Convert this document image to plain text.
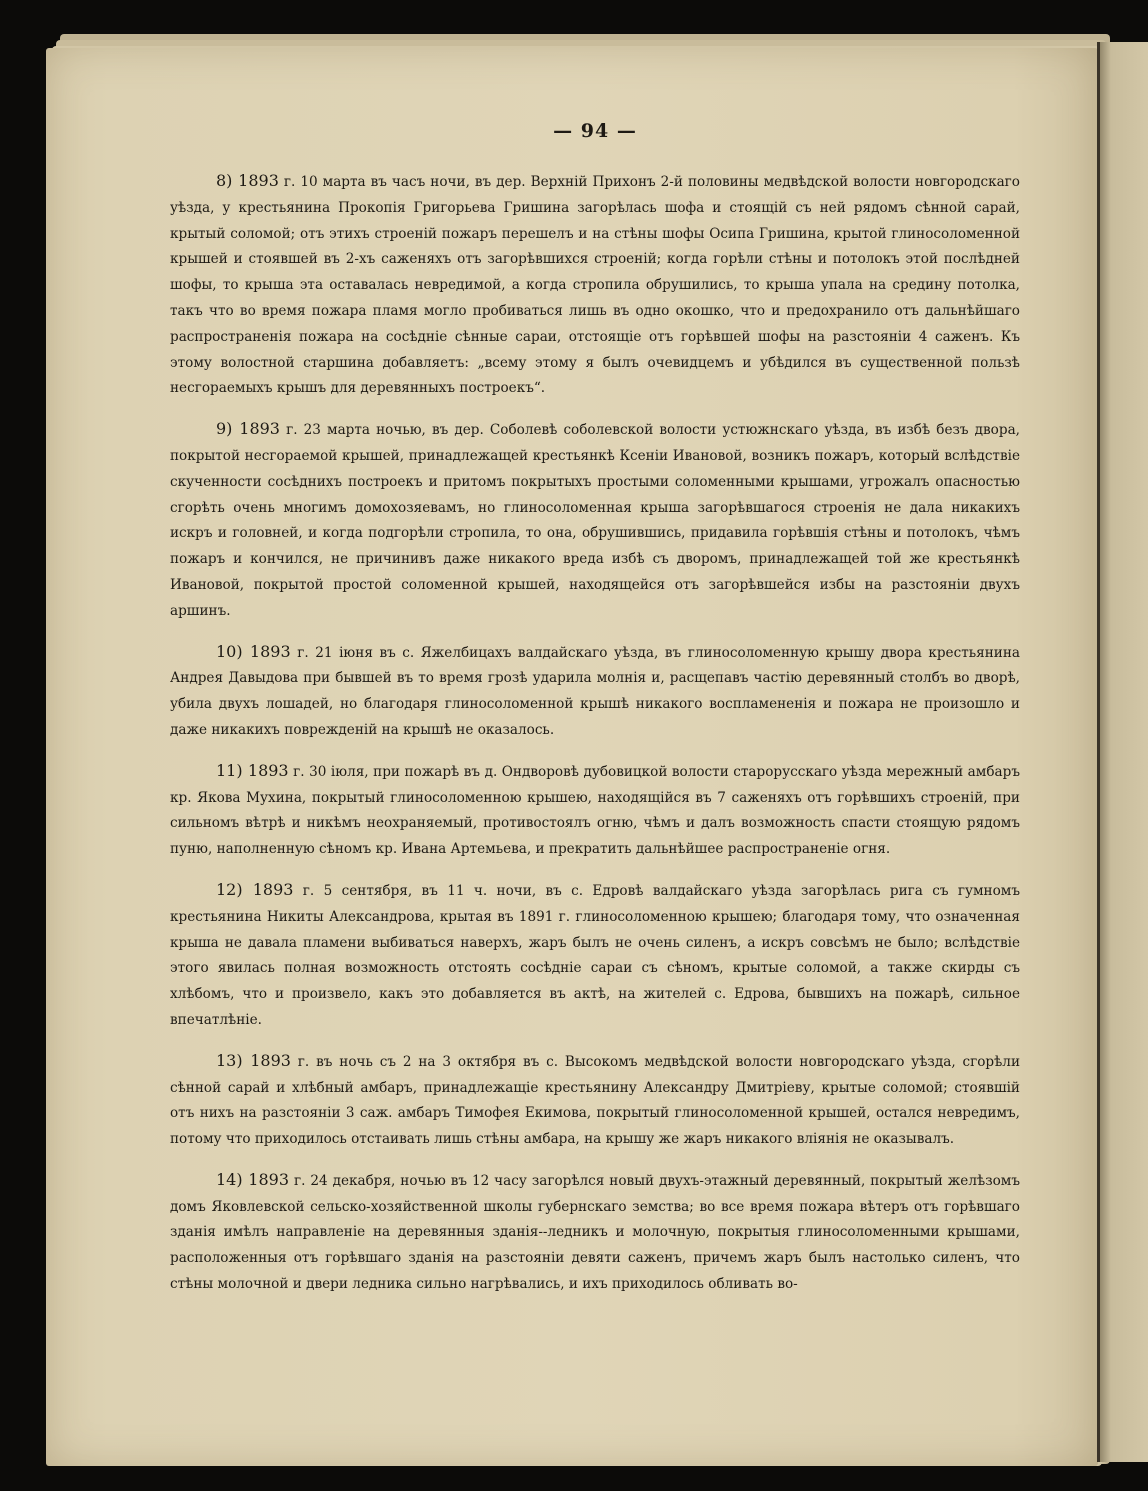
— 94 —

8) 1893 г. 10 марта въ часъ ночи, въ дер. Верхній Прихонъ 2-й половины медвѣдской волости новгородскаго уѣзда, у крестьянина Прокопія Григорьева Гришина загорѣлась шофа и стоящій съ ней рядомъ сѣнной сарай, крытый соломой; отъ этихъ строеній пожаръ перешелъ и на стѣны шофы Осипа Гришина, крытой глиносоломенной крышей и стоявшей въ 2-хъ саженяхъ отъ загорѣвшихся строеній; когда горѣли стѣны и потолокъ этой послѣдней шофы, то крыша эта оставалась невредимой, а когда стропила обрушились, то крыша упала на средину потолка, такъ что во время пожара пламя могло пробиваться лишь въ одно окошко, что и предохранило отъ дальнѣйшаго распространенія пожара на сосѣдніе сѣнные сараи, отстоящіе отъ горѣвшей шофы на разстояніи 4 саженъ. Къ этому волостной старшина добавляетъ: „всему этому я былъ очевидцемъ и убѣдился въ существенной пользѣ несгораемыхъ крышъ для деревянныхъ построекъ“.

9) 1893 г. 23 марта ночью, въ дер. Соболевѣ соболевской волости устюжнскаго уѣзда, въ избѣ безъ двора, покрытой несгораемой крышей, принадлежащей крестьянкѣ Ксеніи Ивановой, возникъ пожаръ, который вслѣдствіе скученности сосѣднихъ построекъ и притомъ покрытыхъ простыми соломенными крышами, угрожалъ опасностью сгорѣть очень многимъ домохозяевамъ, но глиносоломенная крыша загорѣвшагося строенія не дала никакихъ искръ и головней, и когда подгорѣли стропила, то она, обрушившись, придавила горѣвшія стѣны и потолокъ, чѣмъ пожаръ и кончился, не причинивъ даже никакого вреда избѣ съ дворомъ, принадлежащей той же крестьянкѣ Ивановой, покрытой простой соломенной крышей, находящейся отъ загорѣвшейся избы на разстояніи двухъ аршинъ.

10) 1893 г. 21 іюня въ с. Яжелбицахъ валдайскаго уѣзда, въ глиносоломенную крышу двора крестьянина Андрея Давыдова при бывшей въ то время грозѣ ударила молнія и, расщепавъ частію деревянный столбъ во дворѣ, убила двухъ лошадей, но благодаря глиносоломенной крышѣ никакого воспламененія и пожара не произошло и даже никакихъ поврежденій на крышѣ не оказалось.

11) 1893 г. 30 іюля, при пожарѣ въ д. Ондворовѣ дубовицкой волости старорусскаго уѣзда мережный амбаръ кр. Якова Мухина, покрытый глиносоломенною крышею, находящійся въ 7 саженяхъ отъ горѣвшихъ строеній, при сильномъ вѣтрѣ и никѣмъ неохраняемый, противостоялъ огню, чѣмъ и далъ возможность спасти стоящую рядомъ пуню, наполненную сѣномъ кр. Ивана Артемьева, и прекратить дальнѣйшее распространеніе огня.

12) 1893 г. 5 сентября, въ 11 ч. ночи, въ с. Едровѣ валдайскаго уѣзда загорѣлась рига съ гумномъ крестьянина Никиты Александрова, крытая въ 1891 г. глиносоломенною крышею; благодаря тому, что означенная крыша не давала пламени выбиваться наверхъ, жаръ былъ не очень силенъ, а искръ совсѣмъ не было; вслѣдствіе этого явилась полная возможность отстоять сосѣдніе сараи съ сѣномъ, крытые соломой, а также скирды съ хлѣбомъ, что и произвело, какъ это добавляется въ актѣ, на жителей с. Едрова, бывшихъ на пожарѣ, сильное впечатлѣніе.

13) 1893 г. въ ночь съ 2 на 3 октября въ с. Высокомъ медвѣдской волости новгородскаго уѣзда, сгорѣли сѣнной сарай и хлѣбный амбаръ, принадлежащіе крестьянину Александру Дмитріеву, крытые соломой; стоявшій отъ нихъ на разстояніи 3 саж. амбаръ Тимофея Екимова, покрытый глиносоломенной крышей, остался невредимъ, потому что приходилось отстаивать лишь стѣны амбара, на крышу же жаръ никакого вліянія не оказывалъ.

14) 1893 г. 24 декабря, ночью въ 12 часу загорѣлся новый двухъ-этажный деревянный, покрытый желѣзомъ домъ Яковлевской сельско-хозяйственной школы губернскаго земства; во все время пожара вѣтеръ отъ горѣвшаго зданія имѣлъ направленіе на деревянныя зданія--ледникъ и молочную, покрытыя глиносоломенными крышами, расположенныя отъ горѣвшаго зданія на разстояніи девяти саженъ, причемъ жаръ былъ настолько силенъ, что стѣны молочной и двери ледника сильно нагрѣвались, и ихъ приходилось обливать во-
